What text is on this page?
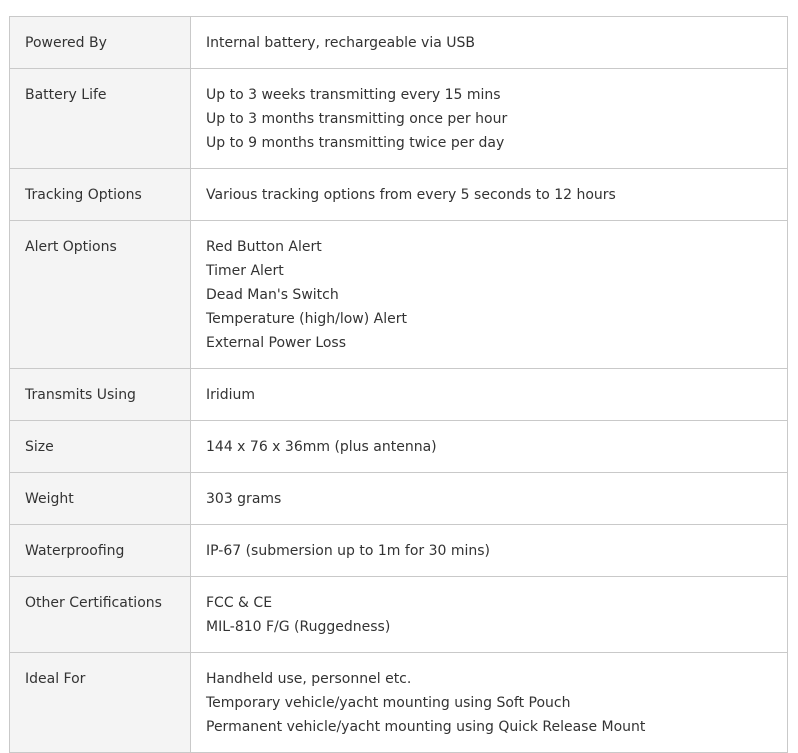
Powered By	Internal battery, rechargeable via USB

Battery Life	Up to 3 weeks transmitting every 15 mins
Up to 3 months transmitting once per hour
Up to 9 months transmitting twice per day

Tracking Options	Various tracking options from every 5 seconds to 12 hours

Alert Options	Red Button Alert
Timer Alert
Dead Man's Switch
Temperature (high/low) Alert
External Power Loss

Transmits Using	Iridium

Size	144 x 76 x 36mm (plus antenna)

Weight	303 grams

Waterproofing	IP-67 (submersion up to 1m for 30 mins)

Other Certifications	FCC & CE
MIL-810 F/G (Ruggedness)

Ideal For	Handheld use, personnel etc.
Temporary vehicle/yacht mounting using Soft Pouch
Permanent vehicle/yacht mounting using Quick Release Mount
